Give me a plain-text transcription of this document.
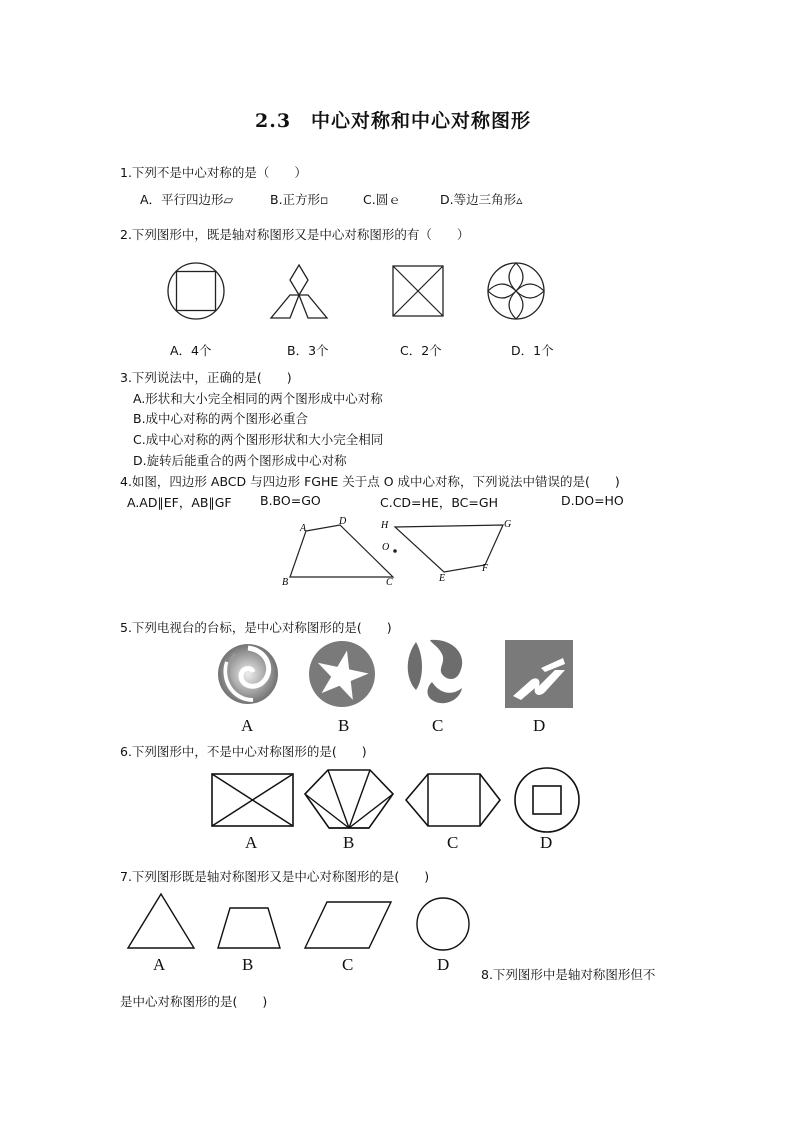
2.3　中心对称和中心对称图形
1.下列不是中心对称的是（　　）
A．平行四边形▱	B.正方形▫	C.圆ｅ	D.等边三角形▵
2.下列图形中，既是轴对称图形又是中心对称图形的有（　　）
A．4个	B．3个	C．2个	D．1个
3.下列说法中，正确的是(　　)
A.形状和大小完全相同的两个图形成中心对称
B.成中心对称的两个图形必重合
C.成中心对称的两个图形形状和大小完全相同
D.旋转后能重合的两个图形成中心对称
4.如图，四边形 ABCD 与四边形 FGHE 关于点 O 成中心对称，下列说法中错误的是(　　)
A.AD∥EF，AB∥GF B.BO=GO	C.CD=HE，BC=GH	D.DO=HO
A
D
B	C
H	G
O
E
F
5.下列电视台的台标，是中心对称图形的是(　　)
A	B	C	D
6.下列图形中，不是中心对称图形的是(　　)
A	B	C	D
7.下列图形既是轴对称图形又是中心对称图形的是(　　)
A	B	C	D
8.下列图形中是轴对称图形但不
是中心对称图形的是(　　)
